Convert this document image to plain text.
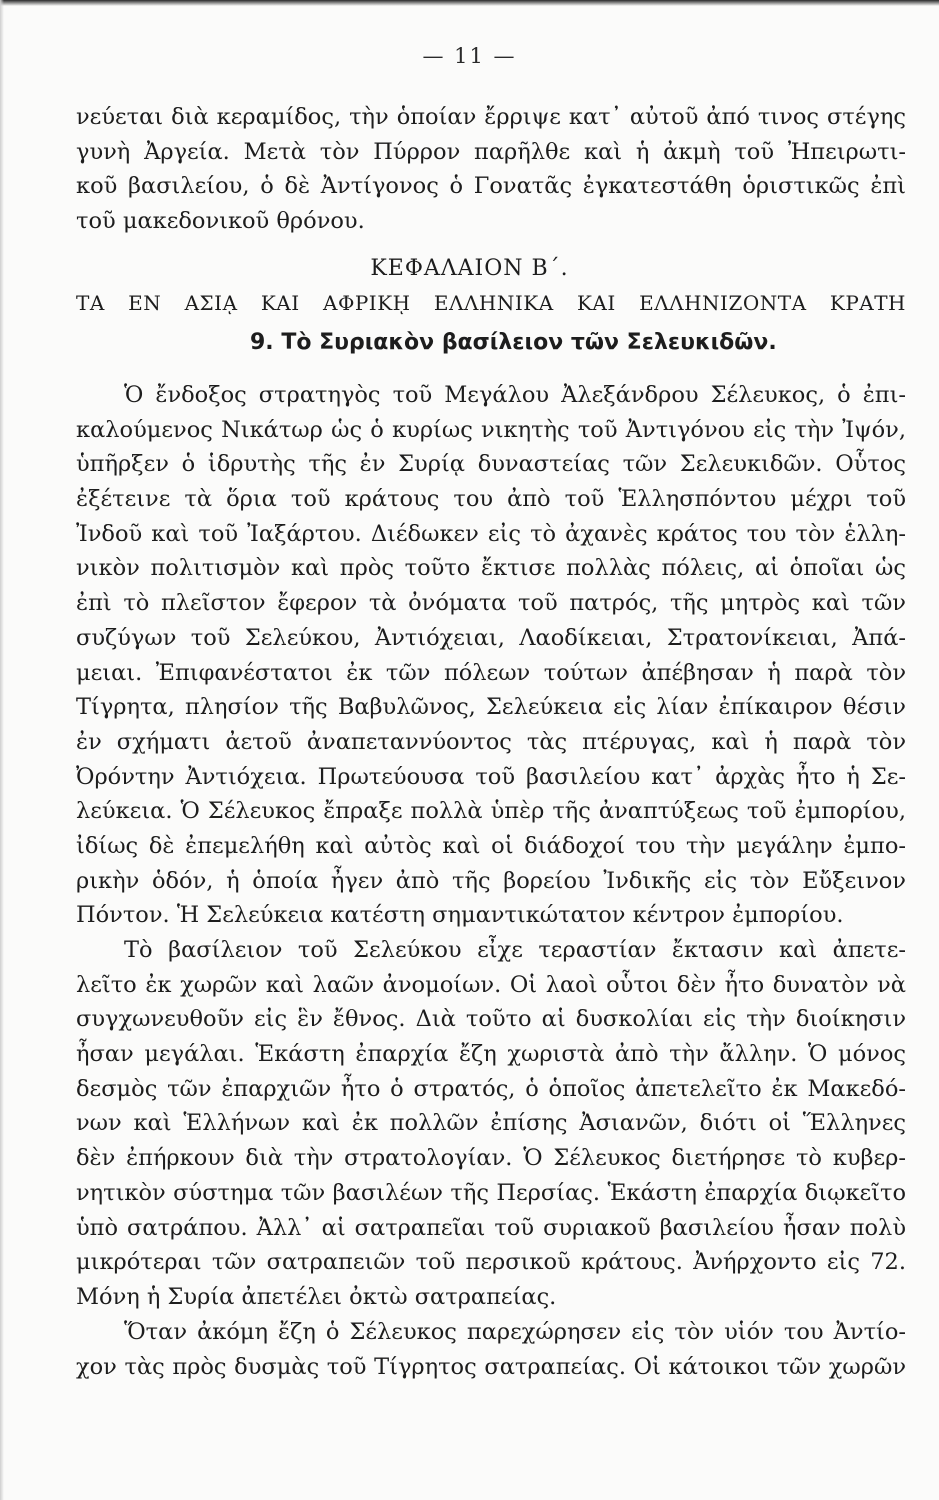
— 11 —
νεύεται διὰ κεραμίδος, τὴν ὁποίαν ἔρριψε κατ᾽ αὐτοῦ ἀπό τινος στέγης
γυνὴ Ἀργεία. Μετὰ τὸν Πύρρον παρῆλθε καὶ ἡ ἀκμὴ τοῦ Ἠπειρωτι-
κοῦ βασιλείου, ὁ δὲ Ἀντίγονος ὁ Γονατᾶς ἐγκατεστάθη ὁριστικῶς ἐπὶ
τοῦ μακεδονικοῦ θρόνου.
ΚΕΦΑΛΑΙΟΝ Β΄.
ΤΑ ΕΝ ΑΣΙᾼ ΚΑΙ ΑΦΡΙΚῌ ΕΛΛΗΝΙΚΑ ΚΑΙ ΕΛΛΗΝΙΖΟΝΤΑ ΚΡΑΤΗ
9. Τὸ Συριακὸν βασίλειον τῶν Σελευκιδῶν.
Ὁ ἔνδοξος στρατηγὸς τοῦ Μεγάλου Ἀλεξάνδρου Σέλευκος, ὁ ἐπι-
καλούμενος Νικάτωρ ὡς ὁ κυρίως νικητὴς τοῦ Ἀντιγόνου εἰς τὴν Ἰψόν,
ὑπῆρξεν ὁ ἱδρυτὴς τῆς ἐν Συρίᾳ δυναστείας τῶν Σελευκιδῶν. Οὗτος
ἐξέτεινε τὰ ὅρια τοῦ κράτους του ἀπὸ τοῦ Ἑλλησπόντου μέχρι τοῦ
Ἰνδοῦ καὶ τοῦ Ἰαξάρτου. Διέδωκεν εἰς τὸ ἀχανὲς κράτος του τὸν ἑλλη-
νικὸν πολιτισμὸν καὶ πρὸς τοῦτο ἔκτισε πολλὰς πόλεις, αἱ ὁποῖαι ὡς
ἐπὶ τὸ πλεῖστον ἔφερον τὰ ὀνόματα τοῦ πατρός, τῆς μητρὸς καὶ τῶν
συζύγων τοῦ Σελεύκου, Ἀντιόχειαι, Λαοδίκειαι, Στρατονίκειαι, Ἀπά-
μειαι. Ἐπιφανέστατοι ἐκ τῶν πόλεων τούτων ἀπέβησαν ἡ παρὰ τὸν
Τίγρητα, πλησίον τῆς Βαβυλῶνος, Σελεύκεια εἰς λίαν ἐπίκαιρον θέσιν
ἐν σχήματι ἀετοῦ ἀναπεταννύοντος τὰς πτέρυγας, καὶ ἡ παρὰ τὸν
Ὀρόντην Ἀντιόχεια. Πρωτεύουσα τοῦ βασιλείου κατ᾽ ἀρχὰς ἦτο ἡ Σε-
λεύκεια. Ὁ Σέλευκος ἔπραξε πολλὰ ὑπὲρ τῆς ἀναπτύξεως τοῦ ἐμπορίου,
ἰδίως δὲ ἐπεμελήθη καὶ αὐτὸς καὶ οἱ διάδοχοί του τὴν μεγάλην ἐμπο-
ρικὴν ὁδόν, ἡ ὁποία ἦγεν ἀπὸ τῆς βορείου Ἰνδικῆς εἰς τὸν Εὔξεινον
Πόντον. Ἡ Σελεύκεια κατέστη σημαντικώτατον κέντρον ἐμπορίου.
Τὸ βασίλειον τοῦ Σελεύκου εἶχε τεραστίαν ἔκτασιν καὶ ἀπετε-
λεῖτο ἐκ χωρῶν καὶ λαῶν ἀνομοίων. Οἱ λαοὶ οὗτοι δὲν ἦτο δυνατὸν νὰ
συγχωνευθοῦν εἰς ἓν ἔθνος. Διὰ τοῦτο αἱ δυσκολίαι εἰς τὴν διοίκησιν
ἦσαν μεγάλαι. Ἑκάστη ἐπαρχία ἔζη χωριστὰ ἀπὸ τὴν ἄλλην. Ὁ μόνος
δεσμὸς τῶν ἐπαρχιῶν ἦτο ὁ στρατός, ὁ ὁποῖος ἀπετελεῖτο ἐκ Μακεδό-
νων καὶ Ἑλλήνων καὶ ἐκ πολλῶν ἐπίσης Ἀσιανῶν, διότι οἱ Ἕλληνες
δὲν ἐπήρκουν διὰ τὴν στρατολογίαν. Ὁ Σέλευκος διετήρησε τὸ κυβερ-
νητικὸν σύστημα τῶν βασιλέων τῆς Περσίας. Ἑκάστη ἐπαρχία διῳκεῖτο
ὑπὸ σατράπου. Ἀλλ᾽ αἱ σατραπεῖαι τοῦ συριακοῦ βασιλείου ἦσαν πολὺ
μικρότεραι τῶν σατραπειῶν τοῦ περσικοῦ κράτους. Ἀνήρχοντο εἰς 72.
Μόνη ἡ Συρία ἀπετέλει ὀκτὼ σατραπείας.
Ὅταν ἀκόμη ἔζη ὁ Σέλευκος παρεχώρησεν εἰς τὸν υἱόν του Ἀντίο-
χον τὰς πρὸς δυσμὰς τοῦ Τίγρητος σατραπείας. Οἱ κάτοικοι τῶν χωρῶν
